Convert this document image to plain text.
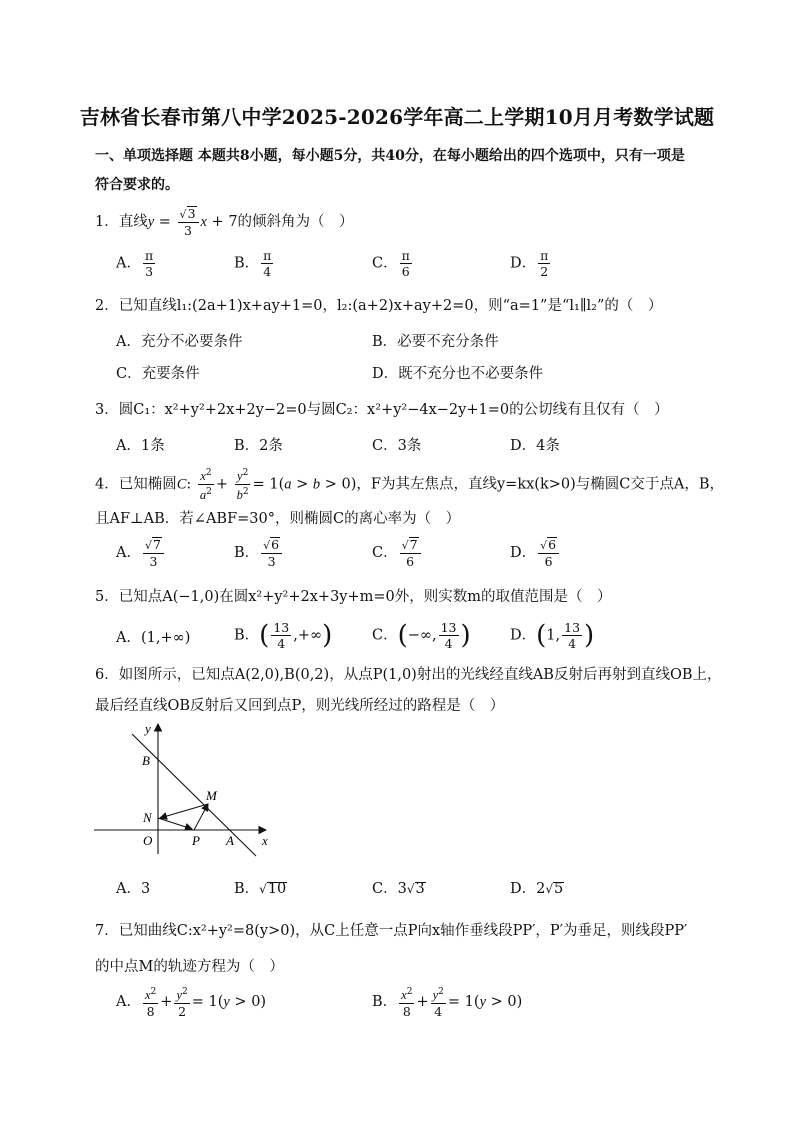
吉林省长春市第八中学2025-2026学年高二上学期10月月考数学试题
一、单项选择题 本题共8小题，每小题5分，共40分，在每小题给出的四个选项中，只有一项是
符合要求的。
1．直线$y = \frac{√3}{3}$ x + 7的倾斜角为（　）
A． $\frac{\pi}{3}$	B． $\frac{\pi}{4}$	C． $\frac{\pi}{6}$	D． $\frac{\pi}{2}$
2．已知直线l₁:(2a+1)x+ay+1=0，l₂:(a+2)x+ay+2=0，则“a=1”是“l₁∥l₂”的（　）
A．充分不必要条件	B．必要不充分条件
C．充要条件	D．既不充分也不必要条件
3．圆C₁：x²+y²+2x+2y−2=0与圆C₂：x²+y²−4x−2y+1=0的公切线有且仅有（　）
A．1条	B．2条	C．3条	D．4条
4．已知椭圆C: $\frac{x^2}{a^2} + \frac{y^2}{b^2} = 1(a > b > 0)$，F为其左焦点，直线y=kx(k>0)与椭圆C交于点A，B，
且AF⊥AB．若∠ABF=30°，则椭圆C的离心率为（　）
A． $\frac{√7}{3}$	B． $\frac{√6}{3}$	C． $\frac{√7}{6}$	D． $\frac{√6}{6}$
5．已知点A(−1,0)在圆x²+y²+2x+3y+m=0外，则实数m的取值范围是（　）
A．(1,+∞)	B．( $\frac{13}{4}$ ,+∞)	C．(−∞, $\frac{13}{4}$ )	D．(1, $\frac{13}{4}$ )
6．如图所示，已知点A(2,0),B(0,2)，从点P(1,0)射出的光线经直线AB反射后再射到直线OB上，
最后经直线OB反射后又回到点P，则光线所经过的路程是（　）
y
B
M
N
O	P A x
A．3	B．√10	C．3√3	D．2√5
7．已知曲线C:x²+y²=8(y>0)，从C上任意一点P向x轴作垂线段PP′，P′为垂足，则线段PP′
的中点M的轨迹方程为（　）
A． $\frac{x^2}{8} + \frac{y^2}{2} = 1(y > 0)$	B． $\frac{x^2}{8} + \frac{y^2}{4} = 1(y > 0)$
